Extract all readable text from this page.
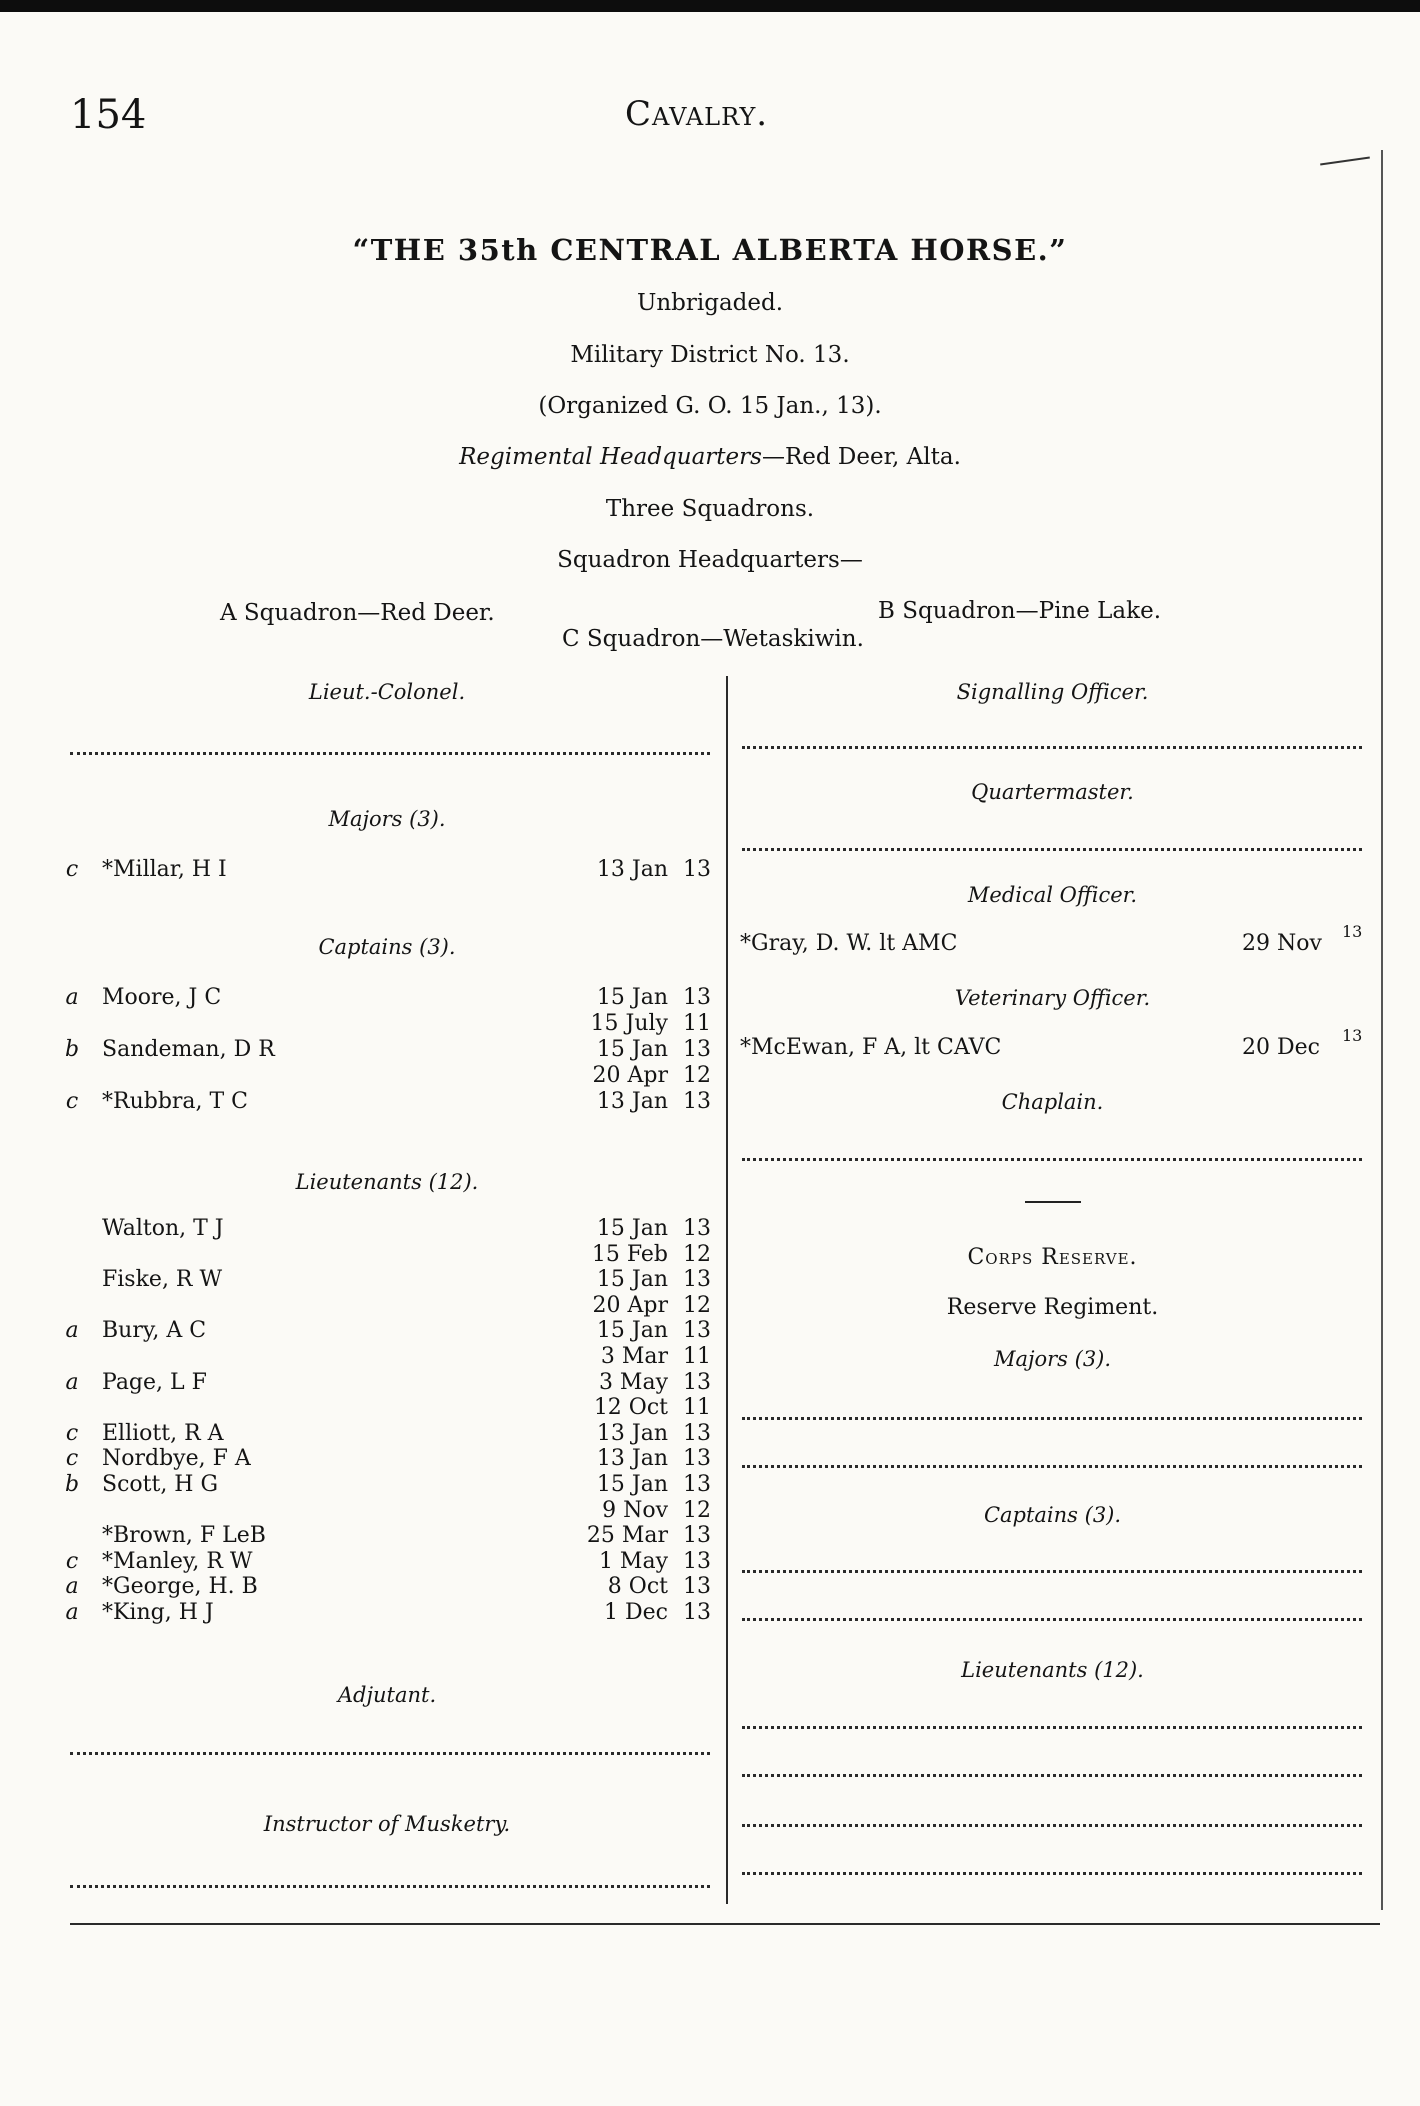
154	Cavalry.
“THE 35th CENTRAL ALBERTA HORSE.”
Unbrigaded.
Military District No. 13.
(Organized G. O. 15 Jan., 13).
Regimental Headquarters—Red Deer, Alta.
Three Squadrons.
Squadron Headquarters—
A Squadron—Red Deer.	B Squadron—Pine Lake.
C Squadron—Wetaskiwin.
Lieut.-Colonel.
Majors (3).
c *Millar, H I	13 Jan 13
Captains (3).
a Moore, J C	15 Jan 13
15 July 11
b Sandeman, D R	15 Jan 13
20 Apr 12
c *Rubbra, T C	13 Jan 13
Lieutenants (12).
Walton, T J	15 Jan 13
15 Feb 12
Fiske, R W	15 Jan 13
20 Apr 12
a Bury, A C	15 Jan 13
3 Mar 11
a Page, L F	3 May 13
12 Oct 11
c Elliott, R A	13 Jan 13
c Nordbye, F A	13 Jan 13
b Scott, H G	15 Jan 13
9 Nov 12
*Brown, F LeB	25 Mar 13
c *Manley, R W	1 May 13
a *George, H. B	8 Oct 13
a *King, H J	1 Dec 13
Adjutant.
Instructor of Musketry.
Signalling Officer.
Quartermaster.
Medical Officer.
*Gray, D. W. lt AMC	29 Nov 13
Veterinary Officer.
*McEwan, F A, lt CAVC	20 Dec 13
Chaplain.
Corps Reserve.
Reserve Regiment.
Majors (3).
Captains (3).
Lieutenants (12).
